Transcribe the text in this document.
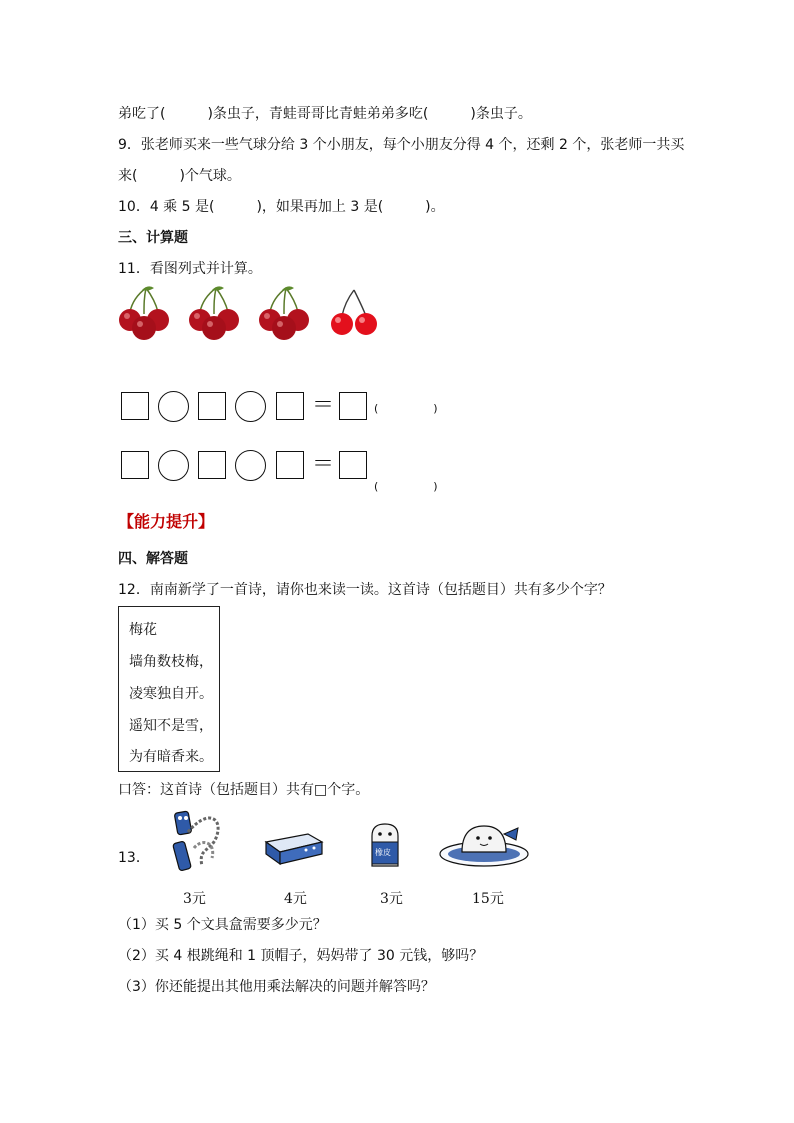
弟吃了(　　　)条虫子，青蛙哥哥比青蛙弟弟多吃(　　　)条虫子。
9．张老师买来一些气球分给 3 个小朋友，每个小朋友分得 4 个，还剩 2 个，张老师一共买
来(　　　)个气球。
10．4 乘 5 是(　　　)，如果再加上 3 是(　　　)。
三、计算题
11．看图列式并计算。
＝	(　　　　　)
＝
(　　　　　)
【能力提升】
四、解答题
12．南南新学了一首诗，请你也来读一读。这首诗（包括题目）共有多少个字？
梅花
墙角数枝梅，
凌寒独自开。
遥知不是雪，
为有暗香来。
口答：这首诗（包括题目）共有□个字。
13．
3元	4元
橡皮
3元	15元
（1）买 5 个文具盒需要多少元？
（2）买 4 根跳绳和 1 顶帽子，妈妈带了 30 元钱，够吗？
（3）你还能提出其他用乘法解决的问题并解答吗？
